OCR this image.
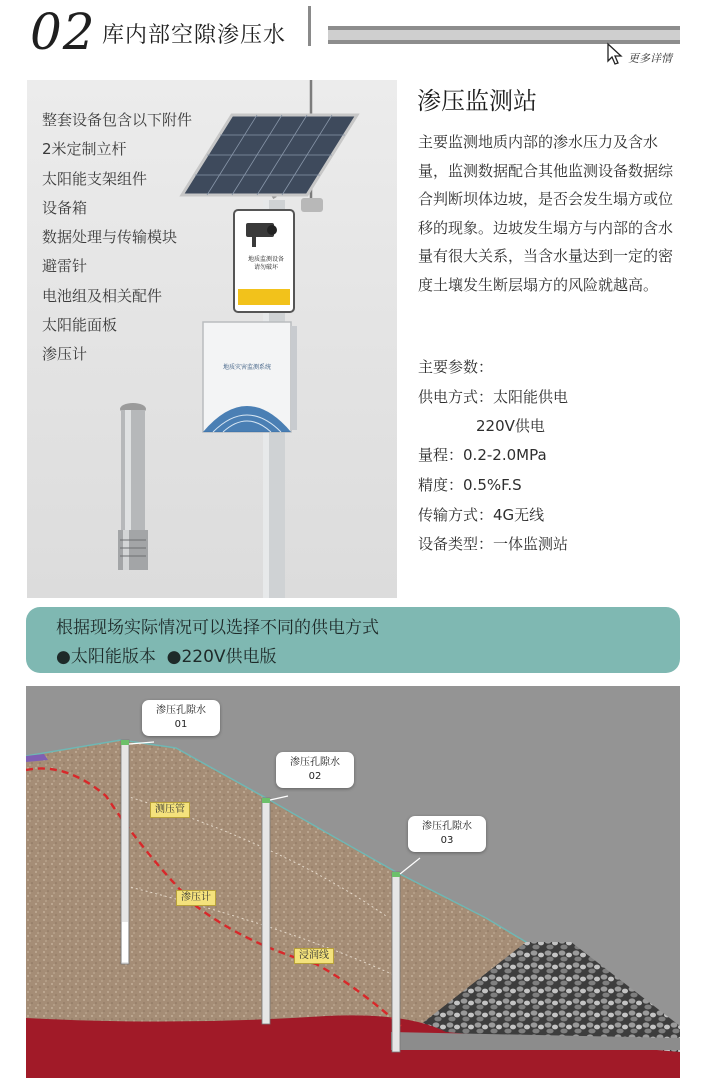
02 库内部空隙渗压水
更多详情
地质监测设备
请勿破坏
地质灾害监测系统
整套设备包含以下附件
2米定制立杆
太阳能支架组件
设备箱
数据处理与传输模块
避雷针
电池组及相关配件
太阳能面板
渗压计
渗压监测站
主要监测地质内部的渗水压力及含水量，监测数据配合其他监测设备数据综合判断坝体边坡，是否会发生塌方或位移的现象。边坡发生塌方与内部的含水量有很大关系，当含水量达到一定的密度土壤发生断层塌方的风险就越高。
主要参数：
供电方式：太阳能供电
220V供电
量程：0.2-2.0MPa
精度：0.5%F.S
传输方式：4G无线
设备类型：一体监测站
根据现场实际情况可以选择不同的供电方式
●太阳能版本  ●220V供电版
渗压孔隙水
01
渗压孔隙水
02
渗压孔隙水
03
测压管
渗压计
浸润线
